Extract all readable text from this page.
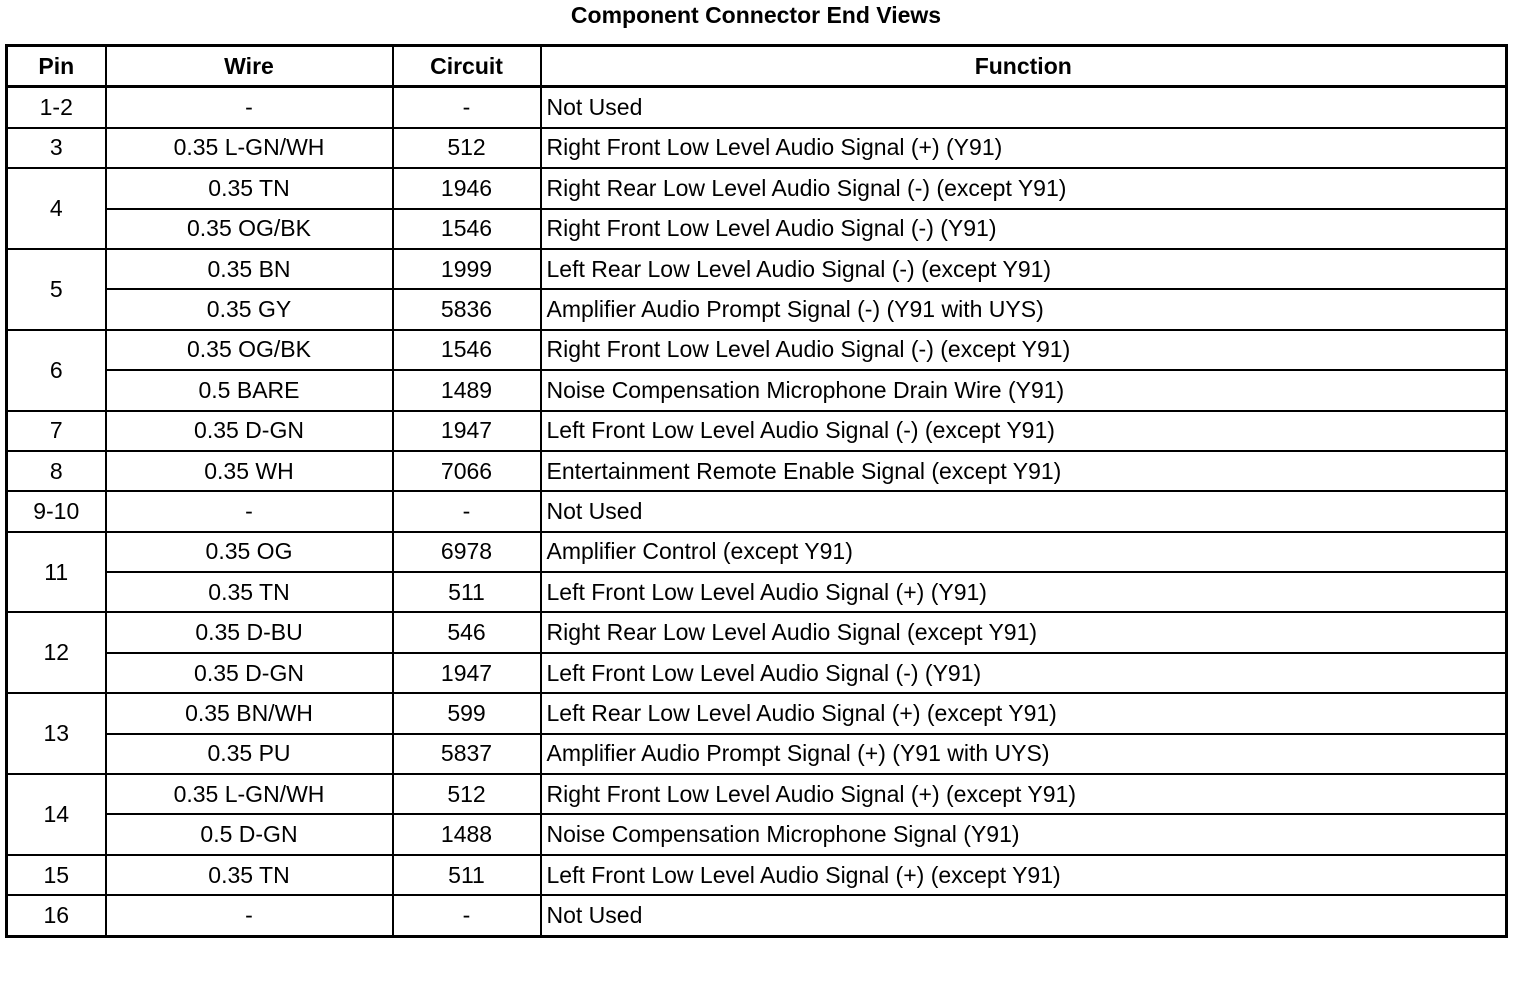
Component Connector End Views
Pin	Wire	Circuit	Function
1-2	-	-	Not Used
3	0.35 L-GN/WH	512	Right Front Low Level Audio Signal (+) (Y91)
4	0.35 TN	1946	Right Rear Low Level Audio Signal (-) (except Y91)
	0.35 OG/BK	1546	Right Front Low Level Audio Signal (-) (Y91)
5	0.35 BN	1999	Left Rear Low Level Audio Signal (-) (except Y91)
	0.35 GY	5836	Amplifier Audio Prompt Signal (-) (Y91 with UYS)
6	0.35 OG/BK	1546	Right Front Low Level Audio Signal (-) (except Y91)
	0.5 BARE	1489	Noise Compensation Microphone Drain Wire (Y91)
7	0.35 D-GN	1947	Left Front Low Level Audio Signal (-) (except Y91)
8	0.35 WH	7066	Entertainment Remote Enable Signal (except Y91)
9-10	-	-	Not Used
11	0.35 OG	6978	Amplifier Control (except Y91)
	0.35 TN	511	Left Front Low Level Audio Signal (+) (Y91)
12	0.35 D-BU	546	Right Rear Low Level Audio Signal (except Y91)
	0.35 D-GN	1947	Left Front Low Level Audio Signal (-) (Y91)
13	0.35 BN/WH	599	Left Rear Low Level Audio Signal (+) (except Y91)
	0.35 PU	5837	Amplifier Audio Prompt Signal (+) (Y91 with UYS)
14	0.35 L-GN/WH	512	Right Front Low Level Audio Signal (+) (except Y91)
	0.5 D-GN	1488	Noise Compensation Microphone Signal (Y91)
15	0.35 TN	511	Left Front Low Level Audio Signal (+) (except Y91)
16	-	-	Not Used
